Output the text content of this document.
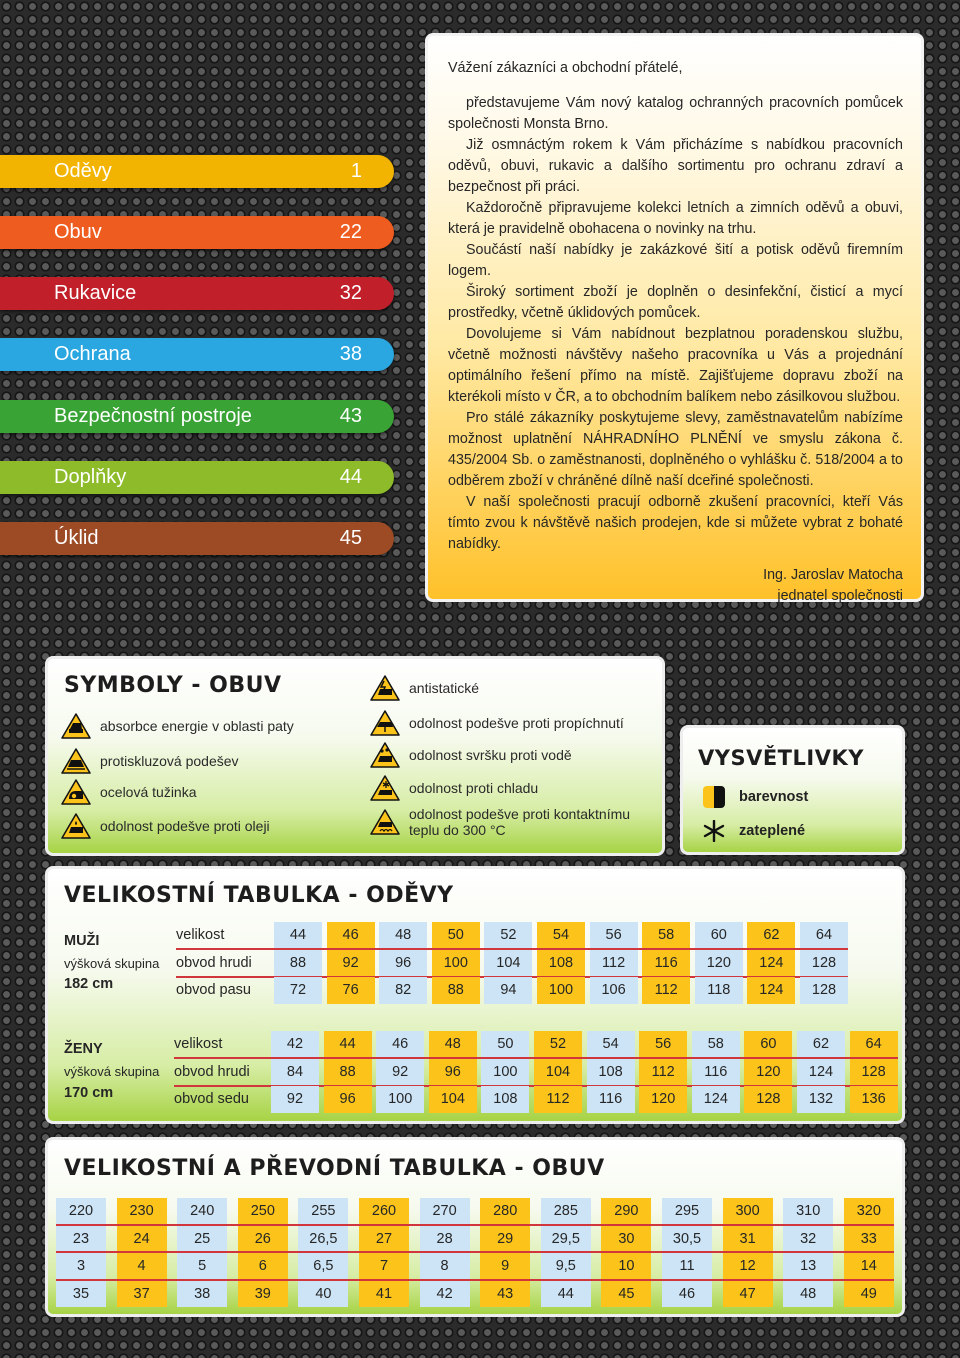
Oděvy	1
Obuv	22
Rukavice	32
Ochrana	38
Bezpečnostní postroje	43
Doplňky	44
Úklid	45

Vážení zákazníci a obchodní přátelé,

představujeme Vám nový katalog ochranných pracovních pomůcek společnosti Monsta Brno.

Již osmnáctým rokem k Vám přicházíme s nabídkou pracovních oděvů, obuvi, rukavic a dalšího sortimentu pro ochranu zdraví a bezpečnost při práci.

Každoročně připravujeme kolekci letních a zimních oděvů a obuvi, která je pravidelně obohacena o novinky na trhu.

Součástí naší nabídky je zakázkové šití a potisk oděvů firemním logem.

Široký sortiment zboží je doplněn o desinfekční, čisticí a mycí prostředky, včetně úklidových pomůcek.

Dovolujeme si Vám nabídnout bezplatnou poradenskou službu, včetně možnosti návštěvy našeho pracovníka u Vás a projednání optimálního řešení přímo na místě. Zajišťujeme dopravu zboží na kterékoli místo v ČR, a to obchodním balíkem nebo zásilkovou službou.

Pro stálé zákazníky poskytujeme slevy, zaměstnavatelům nabízíme možnost uplatnění NÁHRADNÍHO PLNĚNÍ ve smyslu zákona č. 435/2004 Sb. o zaměstnanosti, doplněného o vyhlášku č. 518/2004 a to odběrem zboží v chráněné dílně naší dceřiné společnosti.

V naší společnosti pracují odborně zkušení pracovníci, kteří Vás tímto zvou k návštěvě našich prodejen, kde si můžete vybrat z bohaté nabídky.

Ing. Jaroslav Matocha

jednatel společnosti

SYMBOLY - OBUV
absorbce energie v oblasti paty
protiskluzová podešev
ocelová tužinka
odolnost podešve proti oleji
antistatické
odolnost podešve proti propíchnutí
odolnost svršku proti vodě
odolnost proti chladu
odolnost podešve proti kontaktnímu teplu do 300 °C
VYSVĚTLIVKY
barevnost
zateplené
VELIKOSTNÍ TABULKA - ODĚVY
MUŽI
výšková skupina
182 cm
velikost	44	46	48	50	52	54	56	58	60	62	64
obvod hrudi	88	92	96	100	104	108	112	116	120	124	128
obvod pasu	72	76	82	88	94	100	106	112	118	124	128
ŽENY
výšková skupina
170 cm
velikost	42	44	46	48	50	52	54	56	58	60	62	64
obvod hrudi	84	88	92	96	100	104	108	112	116	120	124	128
obvod sedu	92	96	100	104	108	112	116	120	124	128	132	136
VELIKOSTNÍ A PŘEVODNÍ TABULKA - OBUV
220	230	240	250	255	260	270	280	285	290	295	300	310	320
23	24	25	26	26,5	27	28	29	29,5	30	30,5	31	32	33
3	4	5	6	6,5	7	8	9	9,5	10	11	12	13	14
35	37	38	39	40	41	42	43	44	45	46	47	48	49
